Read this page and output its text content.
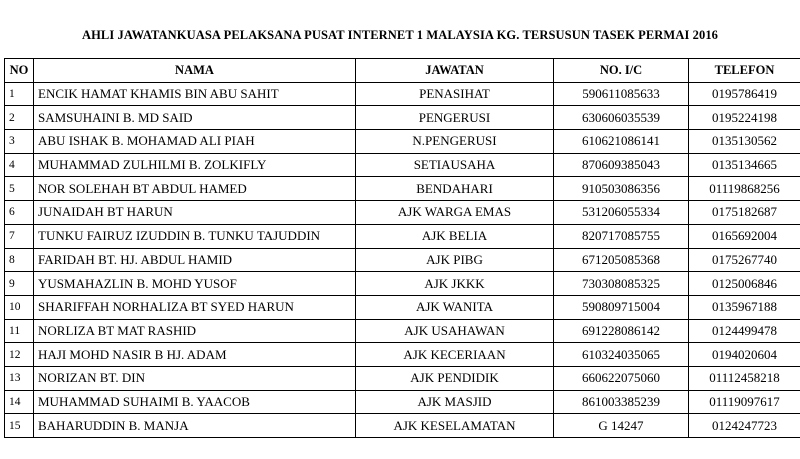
AHLI JAWATANKUASA PELAKSANA PUSAT INTERNET 1 MALAYSIA KG. TERSUSUN TASEK PERMAI 2016
NO	NAMA	JAWATAN	NO. I/C	TELEFON
1	ENCIK HAMAT KHAMIS BIN ABU SAHIT	PENASIHAT	590611085633	0195786419
2	SAMSUHAINI B. MD SAID	PENGERUSI	630606035539	0195224198
3	ABU ISHAK B. MOHAMAD ALI PIAH	N.PENGERUSI	610621086141	0135130562
4	MUHAMMAD ZULHILMI B. ZOLKIFLY	SETIAUSAHA	870609385043	0135134665
5	NOR SOLEHAH BT ABDUL HAMED	BENDAHARI	910503086356	01119868256
6	JUNAIDAH BT HARUN	AJK WARGA EMAS	531206055334	0175182687
7	TUNKU FAIRUZ IZUDDIN B. TUNKU TAJUDDIN	AJK BELIA	820717085755	0165692004
8	FARIDAH BT. HJ. ABDUL HAMID	AJK PIBG	671205085368	0175267740
9	YUSMAHAZLIN B. MOHD YUSOF	AJK JKKK	730308085325	0125006846
10	SHARIFFAH NORHALIZA BT SYED HARUN	AJK WANITA	590809715004	0135967188
11	NORLIZA BT MAT RASHID	AJK USAHAWAN	691228086142	0124499478
12	HAJI MOHD NASIR B HJ. ADAM	AJK KECERIAAN	610324035065	0194020604
13	NORIZAN BT. DIN	AJK PENDIDIK	660622075060	01112458218
14	MUHAMMAD SUHAIMI B. YAACOB	AJK MASJID	861003385239	01119097617
15	BAHARUDDIN B. MANJA	AJK KESELAMATAN	G 14247	0124247723
